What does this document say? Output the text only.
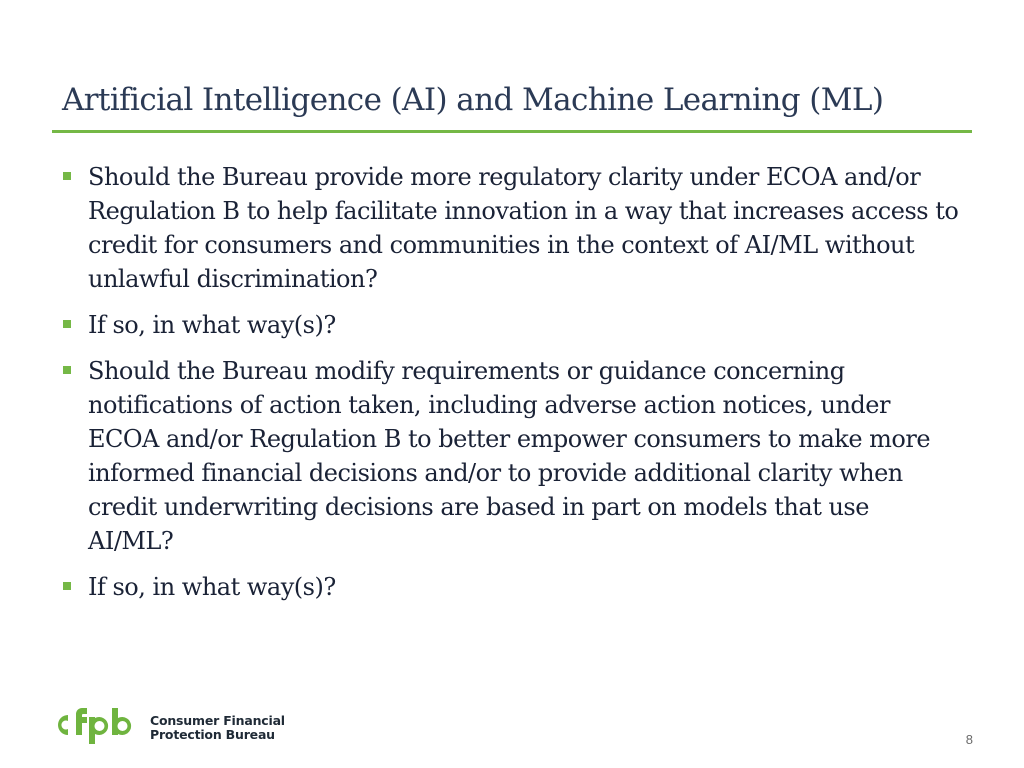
Artificial Intelligence (AI) and Machine Learning (ML)
Should the Bureau provide more regulatory clarity under ECOA and/or Regulation B to help facilitate innovation in a way that increases access to credit for consumers and communities in the context of AI/ML without unlawful discrimination?
If so, in what way(s)?
Should the Bureau modify requirements or guidance concerning notifications of action taken, including adverse action notices, under ECOA and/or Regulation B to better empower consumers to make more informed financial decisions and/or to provide additional clarity when credit underwriting decisions are based in part on models that use AI/ML?
If so, in what way(s)?
Consumer Financial
Protection Bureau	8
